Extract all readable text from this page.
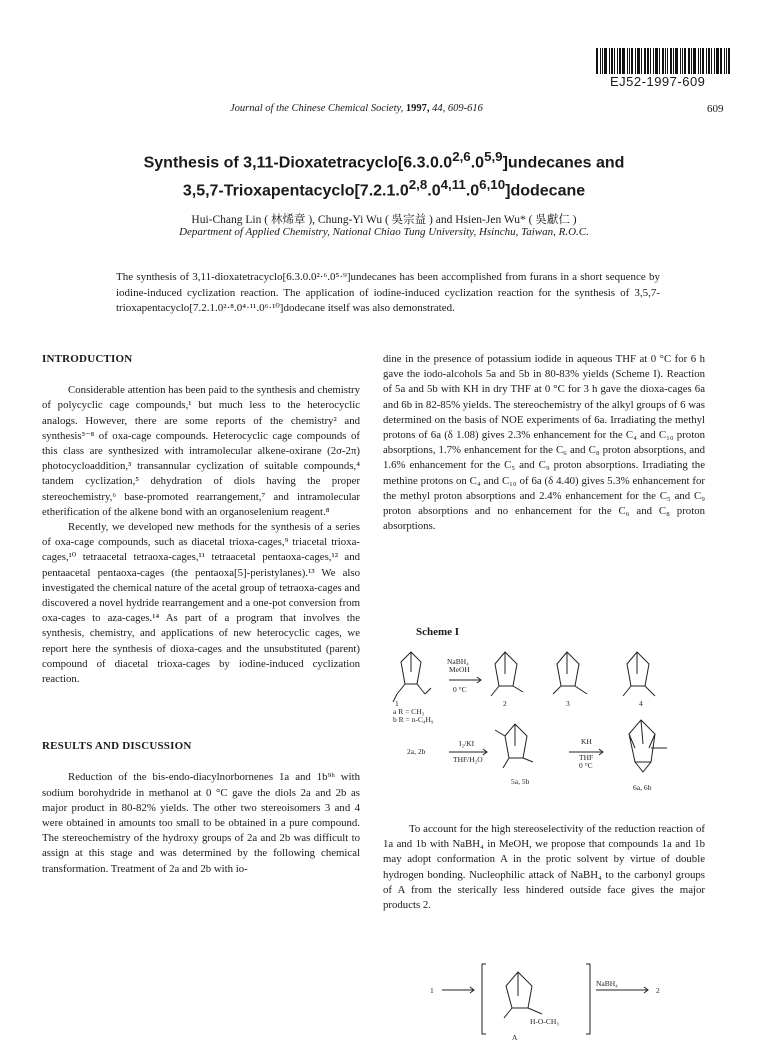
EJ52-1997-609
Journal of the Chinese Chemical Society, 1997, 44, 609-616	609
Synthesis of 3,11-Dioxatetracyclo[6.3.0.0$^{2,6}$.0$^{5,9}$]undecanes and
3,5,7-Trioxapentacyclo[7.2.1.0$^{2,8}$.0$^{4,11}$.0$^{6,10}$]dodecane
Hui-Chang Lin ( 林烯章 ), Chung-Yi Wu ( 吳宗益 ) and Hsien-Jen Wu* ( 吳獻仁 )
Department of Applied Chemistry, National Chiao Tung University, Hsinchu, Taiwan, R.O.C.
The synthesis of 3,11-dioxatetracyclo[6.3.0.0²·⁶.0⁵·⁹]undecanes has been accomplished from furans in a short sequence by iodine-induced cyclization reaction. The application of iodine-induced cyclization reaction for the synthesis of 3,5,7-trioxapentacyclo[7.2.1.0²·⁸.0⁴·¹¹.0⁶·¹⁰]dodecane itself was also demonstrated.
INTRODUCTION
Considerable attention has been paid to the synthesis and chemistry of polycyclic cage compounds,¹ but much less to the heterocyclic analogs. However, there are some reports of the chemistry² and synthesis³⁻⁸ of oxa-cage compounds. Heterocyclic cage compounds of this class are synthesized with intramolecular alkene-oxirane (2σ-2π) photocycloaddition,³ transannular cyclization of suitable compounds,⁴ tandem cyclization,⁵ dehydration of diols having the proper stereochemistry,⁶ base-promoted rearrangement,⁷ and intramolecular etherification of the alkene bond with an organoselenium reagent.⁸
Recently, we developed new methods for the synthesis of a series of oxa-cage compounds, such as diacetal trioxa-cages,⁹ triacetal trioxa-cages,¹⁰ tetraacetal tetraoxa-cages,¹¹ tetraacetal pentaoxa-cages,¹² and pentaacetal pentaoxa-cages (the pentaoxa[5]-peristylanes).¹³ We also investigated the chemical nature of the acetal group of tetraoxa-cages and discovered a novel hydride rearrangement and a one-pot conversion from oxa-cages to aza-cages.¹⁴ As part of a program that involves the synthesis, chemistry, and applications of new heterocyclic cages, we report here the synthesis of dioxa-cages and the unsubstituted (parent) compound of diacetal trioxa-cages by iodine-induced cyclization reaction.
RESULTS AND DISCUSSION
Reduction of the bis-endo-diacylnorbornenes 1a and 1b⁹ʰ with sodium borohydride in methanol at 0 °C gave the diols 2a and 2b as major product in 80-82% yields. The other two stereoisomers 3 and 4 were obtained in amounts too small to be obtained in a pure compound. The stereochemistry of the hydroxy groups of 2a and 2b was difficult to assign at this stage and was determined by the following chemical transformation. Treatment of 2a and 2b with io-
dine in the presence of potassium iodide in aqueous THF at 0 °C for 6 h gave the iodo-alcohols 5a and 5b in 80-83% yields (Scheme I). Reaction of 5a and 5b with KH in dry THF at 0 °C for 3 h gave the dioxa-cages 6a and 6b in 82-85% yields. The stereochemistry of the alkyl groups of 6 was determined on the basis of NOE experiments of 6a. Irradiating the methyl protons of 6a (δ 1.08) gives 2.3% enhancement for the C₄ and C₁₀ proton absorptions, 1.7% enhancement for the C₆ and C₈ proton absorptions, and 1.6% enhancement for the C₅ and C₉ proton absorptions. Irradiating the methine protons on C₄ and C₁₀ of 6a (δ 4.40) gives 5.3% enhancement for the methyl proton absorptions and 2.4% enhancement for the C₅ and C₉ proton absorptions and no enhancement for the C₆ and C₈ proton absorptions.
Scheme I
NaBH₄
MeOH
0 °C
1
a R = CH₃
b R = n-C₄H₉
2	3	4
2a, 2b
I₂/KI
THF/H₂O
5a, 5b
KH
THF
0 °C
6a, 6b
To account for the high stereoselectivity of the reduction reaction of 1a and 1b with NaBH₄ in MeOH, we propose that compounds 1a and 1b may adopt conformation A in the protic solvent by virtue of double hydrogen bonding. Nucleophilic attack of NaBH₄ to the carbonyl groups of A from the sterically less hindered outside face gives the major products 2.
1
NaBH₄
2
H-O-CH₃
A
